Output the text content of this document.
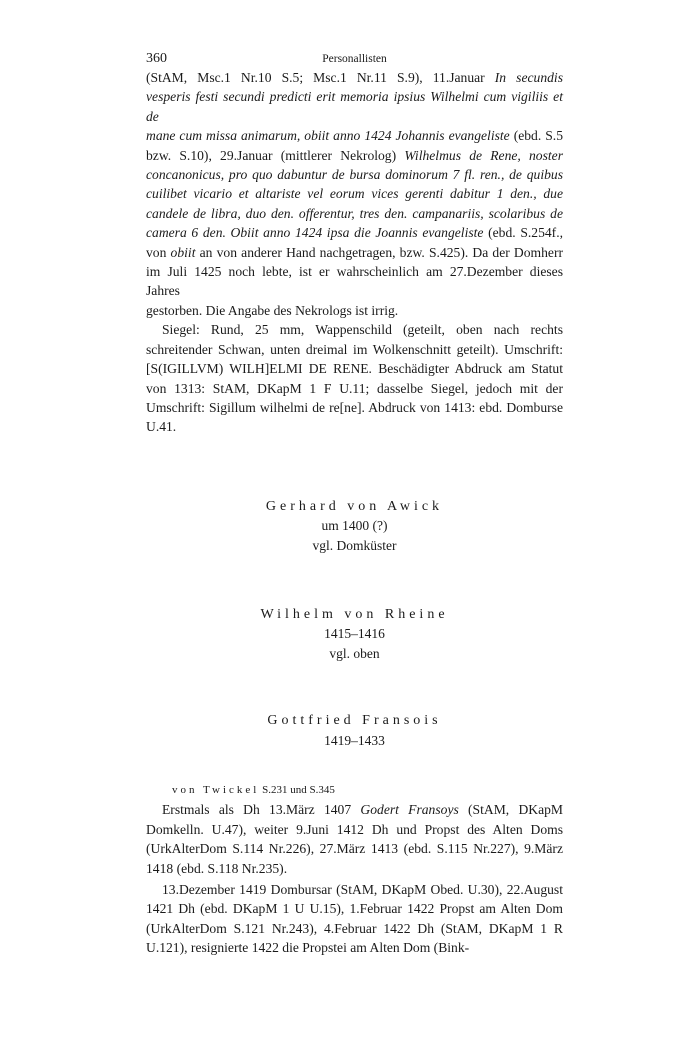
360	Personallisten
(StAM, Msc.1 Nr.10 S.5; Msc.1 Nr.11 S.9), 11.Januar In secundis
vesperis festi secundi predicti erit memoria ipsius Wilhelmi cum vigiliis et de
mane cum missa animarum, obiit anno 1424 Johannis evangeliste (ebd. S.5
bzw. S.10), 29.Januar (mittlerer Nekrolog) Wilhelmus de Rene, noster
concanonicus, pro quo dabuntur de bursa dominorum 7 fl. ren., de quibus
cuilibet vicario et altariste vel eorum vices gerenti dabitur 1 den., due
candele de libra, duo den. offerentur, tres den. campanariis, scolaribus de
camera 6 den. Obiit anno 1424 ipsa die Joannis evangeliste (ebd. S.254f.,
von obiit an von anderer Hand nachgetragen, bzw. S.425). Da der Domherr
im Juli 1425 noch lebte, ist er wahrscheinlich am 27.Dezember dieses Jahres
gestorben. Die Angabe des Nekrologs ist irrig.

Siegel: Rund, 25 mm, Wappenschild (geteilt, oben nach rechts schreitender Schwan, unten dreimal im Wolkenschnitt geteilt). Umschrift: [S(IGILLVM) WILH]ELMI DE RENE. Beschädigter Abdruck am Statut von 1313: StAM, DKapM 1 F U.11; dasselbe Siegel, jedoch mit der Umschrift: Sigillum wilhelmi de re[ne]. Abdruck von 1413: ebd. Domburse U.41.

Gerhard von Awick
um 1400 (?)
vgl. Domküster
Wilhelm von Rheine
1415–1416
vgl. oben
Gottfried Fransois
1419–1433
von Twickel S.231 und S.345

Erstmals als Dh 13.März 1407 Godert Fransoys (StAM, DKapM Domkelln. U.47), weiter 9.Juni 1412 Dh und Propst des Alten Doms (UrkAlterDom S.114 Nr.226), 27.März 1413 (ebd. S.115 Nr.227), 9.März 1418 (ebd. S.118 Nr.235).

13.Dezember 1419 Dombursar (StAM, DKapM Obed. U.30), 22.August 1421 Dh (ebd. DKapM 1 U U.15), 1.Februar 1422 Propst am Alten Dom (UrkAlterDom S.121 Nr.243), 4.Februar 1422 Dh (StAM, DKapM 1 R U.121), resignierte 1422 die Propstei am Alten Dom (Bink-
